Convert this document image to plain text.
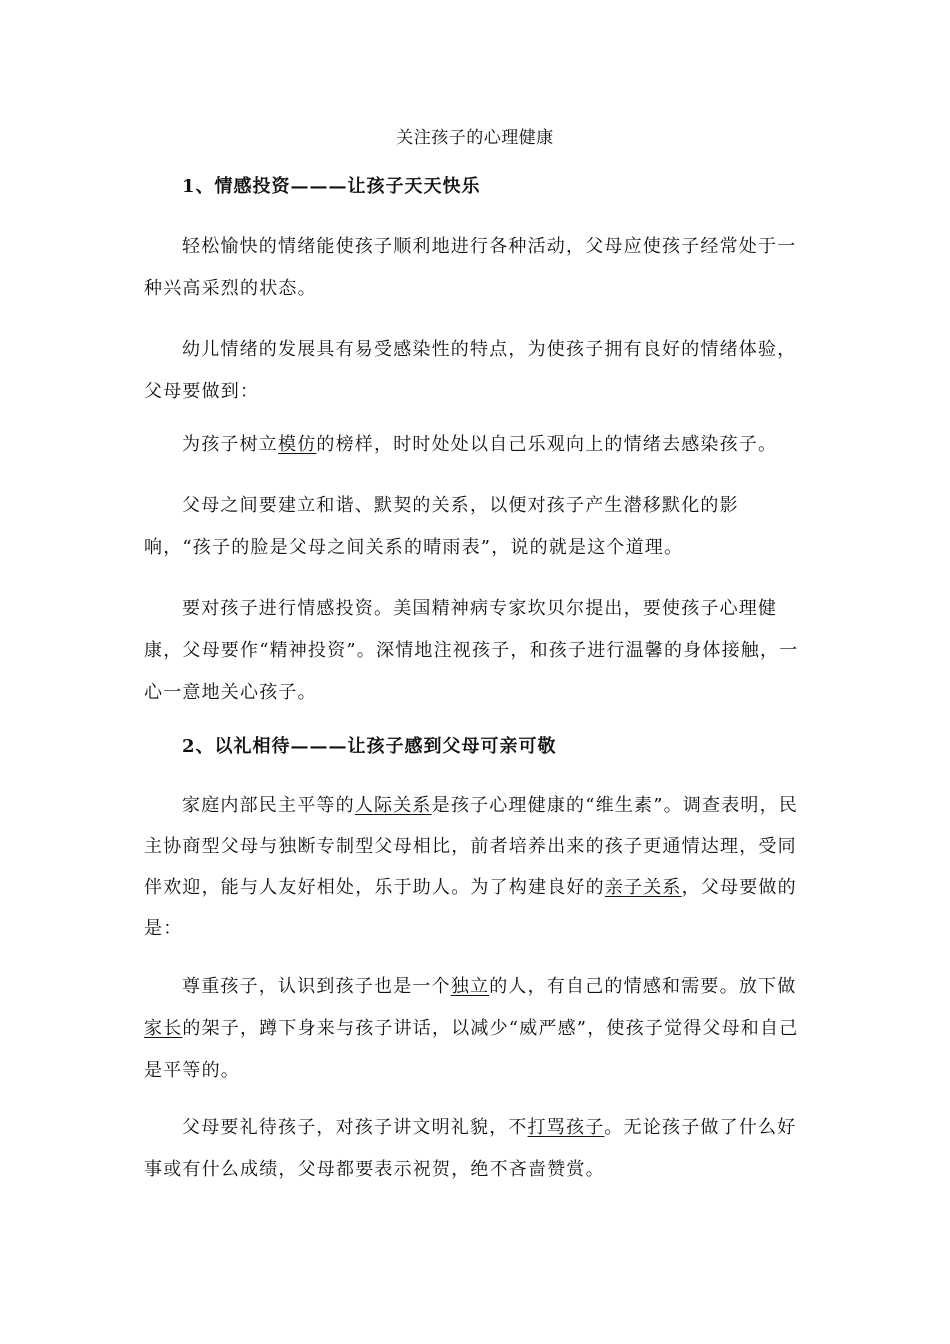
关注孩子的心理健康
1、情感投资———让孩子天天快乐

轻松愉快的情绪能使孩子顺利地进行各种活动，父母应使孩子经常处于一种兴高采烈的状态。

幼儿情绪的发展具有易受感染性的特点，为使孩子拥有良好的情绪体验，父母要做到：

为孩子树立模仿的榜样，时时处处以自己乐观向上的情绪去感染孩子。

父母之间要建立和谐、默契的关系，以便对孩子产生潜移默化的影响，“孩子的脸是父母之间关系的晴雨表”，说的就是这个道理。

要对孩子进行情感投资。美国精神病专家坎贝尔提出，要使孩子心理健康，父母要作“精神投资”。深情地注视孩子，和孩子进行温馨的身体接触，一心一意地关心孩子。

2、以礼相待———让孩子感到父母可亲可敬

家庭内部民主平等的人际关系是孩子心理健康的“维生素”。调查表明，民主协商型父母与独断专制型父母相比，前者培养出来的孩子更通情达理，受同伴欢迎，能与人友好相处，乐于助人。为了构建良好的亲子关系，父母要做的是：

尊重孩子，认识到孩子也是一个独立的人，有自己的情感和需要。放下做家长的架子，蹲下身来与孩子讲话，以减少“威严感”，使孩子觉得父母和自己是平等的。

父母要礼待孩子，对孩子讲文明礼貌，不打骂孩子。无论孩子做了什么好事或有什么成绩，父母都要表示祝贺，绝不吝啬赞赏。
